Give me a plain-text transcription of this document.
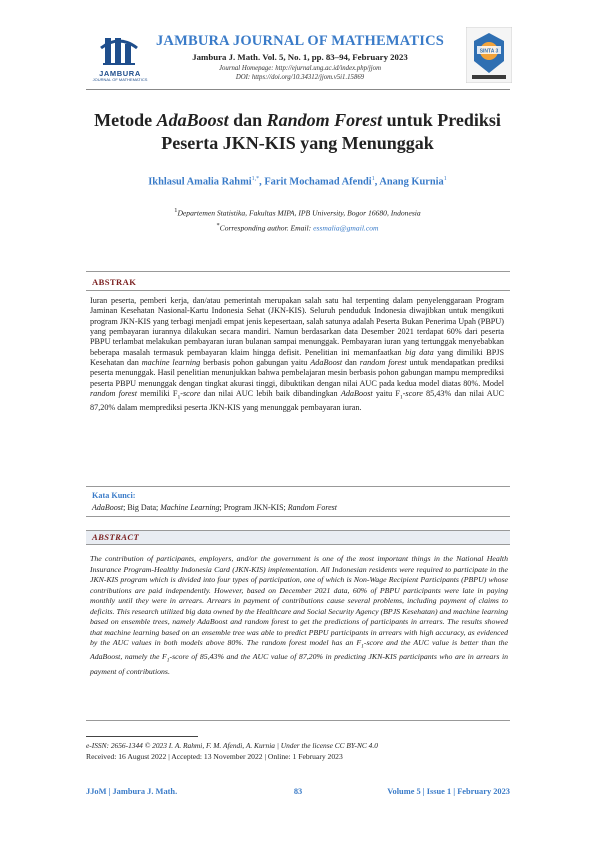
JAMBURA
JOURNAL OF MATHEMATICS
JAMBURA JOURNAL OF MATHEMATICS
Jambura J. Math. Vol. 5, No. 1, pp. 83–94, February 2023
Journal Homepage: http://ejurnal.ung.ac.id/index.php/jjom
DOI: https://doi.org/10.34312/jjom.v5i1.15869
SINTA 3
Metode AdaBoost dan Random Forest untuk Prediksi
Peserta JKN-KIS yang Menunggak
Ikhlasul Amalia Rahmi$^{1,*}$, Farit Mochamad Afendi$^1$, Anang Kurnia$^1$
$^1$Departemen Statistika, Fakultas MIPA, IPB University, Bogor 16680, Indonesia
*Corresponding author. Email: essmalia@gmail.com
ABSTRAK
Iuran peserta, pemberi kerja, dan/atau pemerintah merupakan salah satu hal terpenting dalam penyelenggaraan Program Jaminan Kesehatan Nasional-Kartu Indonesia Sehat (JKN-KIS). Seluruh penduduk Indonesia diwajibkan untuk mengikuti program JKN-KIS yang terbagi menjadi empat jenis kepesertaan, salah satunya adalah Peserta Bukan Penerima Upah (PBPU) yang pembayaran iurannya dilakukan secara mandiri. Namun berdasarkan data Desember 2021 terdapat 60% dari peserta PBPU terlambat melakukan pembayaran iuran bulanan sampai menunggak. Pembayaran iuran yang tertunggak menyebabkan beberapa masalah termasuk pembayaran klaim hingga defisit. Penelitian ini memanfaatkan big data yang dimiliki BPJS Kesehatan dan machine learning berbasis pohon gabungan yaitu AdaBoost dan random forest untuk mendapatkan prediksi peserta menunggak. Hasil penelitian menunjukkan bahwa pembelajaran mesin berbasis pohon gabungan mampu memprediksi peserta PBPU menunggak dengan tingkat akurasi tinggi, dibuktikan dengan nilai AUC pada kedua model diatas 80%. Model random forest memiliki $F_1$-score dan nilai AUC lebih baik dibandingkan AdaBoost yaitu $F_1$-score 85,43% dan nilai AUC 87,20% dalam memprediksi peserta JKN-KIS yang menunggak pembayaran iuran.
Kata Kunci:
AdaBoost; Big Data; Machine Learning; Program JKN-KIS; Random Forest
ABSTRACT
The contribution of participants, employers, and/or the government is one of the most important things in the National Health Insurance Program-Healthy Indonesia Card (JKN-KIS) implementation. All Indonesian residents were required to participate in the JKN-KIS program which is divided into four types of participation, one of which is Non-Wage Recipient Participants (PBPU) whose contributions are paid independently. However, based on December 2021 data, 60% of PBPU participants were late in paying monthly until they were in arrears. Arrears in payment of contributions cause several problems, including payment of claims to deficits. This research utilized big data owned by the Healthcare and Social Security Agency (BPJS Kesehatan) and machine learning based on ensemble trees, namely AdaBoost and random forest to get the predictions of participants in arrears. The results showed that machine learning based on an ensemble tree was able to predict PBPU participants in arrears with high accuracy, as evidenced by the AUC values in both models above 80%. The random forest model has an $F_1$-score and the AUC value is better than the AdaBoost, namely the $F_1$-score of 85,43% and the AUC value of 87,20% in predicting JKN-KIS participants who are in arrears in payment of contributions.
e-ISSN: 2656-1344 © 2023 I. A. Rahmi, F. M. Afendi, A. Kurnia | Under the license CC BY-NC 4.0
Received: 16 August 2022 | Accepted: 13 November 2022 | Online: 1 February 2023
JJoM | Jambura J. Math.	83	Volume 5 | Issue 1 | February 2023
